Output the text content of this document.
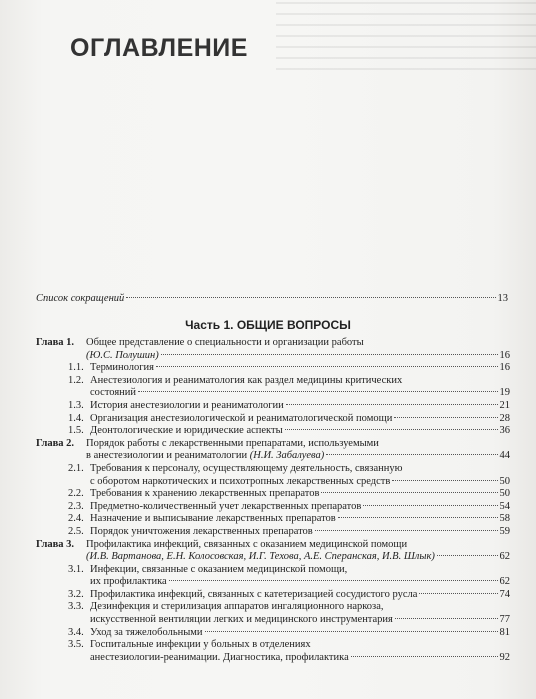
ОГЛАВЛЕНИЕ
Список сокращений	13
Часть 1. ОБЩИЕ ВОПРОСЫ
Глава 1.	Общее представление о специальности и организации работы
(Ю.С. Полушин)	16
1.1. Терминология	16
1.2. Анестезиология и реаниматология как раздел медицины критических
состояний	19
1.3. История анестезиологии и реаниматологии	21
1.4. Организация анестезиологической и реаниматологической помощи	28
1.5. Деонтологические и юридические аспекты	36
Глава 2.	Порядок работы с лекарственными препаратами, используемыми
в анестезиологии и реаниматологии
(Н.И. Забалуева)	44
2.1. Требования к персоналу, осуществляющему деятельность, связанную
с оборотом наркотических и психотропных лекарственных средств	50
2.2. Требования к хранению лекарственных препаратов	50
2.3. Предметно-количественный учет лекарственных препаратов	54
2.4. Назначение и выписывание лекарственных препаратов	58
2.5. Порядок уничтожения лекарственных препаратов	59
Глава 3.	Профилактика инфекций, связанных с оказанием медицинской помощи
(И.В. Вартанова, Е.Н. Колосовская, И.Г. Техова, А.Е. Сперанская, И.В. Шлык)	62
3.1. Инфекции, связанные с оказанием медицинской помощи,
их профилактика	62
3.2. Профилактика инфекций, связанных с катетеризацией сосудистого русла	74
3.3. Дезинфекция и стерилизация аппаратов ингаляционного наркоза,
искусственной вентиляции легких и медицинского инструментария	77
3.4. Уход за тяжелобольными	81
3.5. Госпитальные инфекции у больных в отделениях
анестезиологии-реанимации. Диагностика, профилактика	92
